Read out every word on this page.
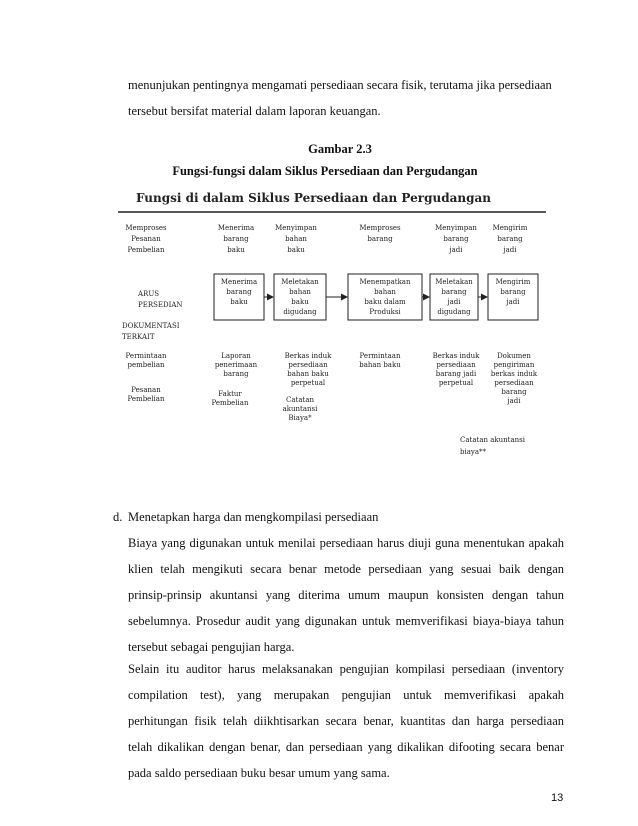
menunjukan pentingnya mengamati persediaan secara fisik, terutama jika persediaan
tersebut bersifat material dalam laporan keuangan.
Gambar 2.3
Fungsi-fungsi dalam Siklus Persediaan dan Pergudangan
Fungsi di dalam Siklus Persediaan dan Pergudangan
Memproses
Pesanan
Pembelian
Menerima
barang
baku
Menyimpan
bahan
baku
Memproses
barang
Menyimpan
barang
jadi
Mengirim
barang
jadi
ARUS
PERSEDIAN
Menerima
barang
baku
Meletakan
bahan
baku
digudang
Menempatkan
bahan
baku dalam
Produksi
Meletakan
barang
jadi
digudang
Mengirim
barang
jadi
DOKUMENTASI
TERKAIT
Permintaan
pembelian
Laporan
penerimaan
barang
Berkas induk
persediaan
bahan baku
perpetual
Permintaan
bahan baku
Berkas induk
persediaan
barang jadi
perpetual
Dokumen
pengiriman
berkas induk
persediaan
barang
jadi
Pesanan
Pembelian
Faktur
Pembelian	Catatan
akuntansi
Biaya*
Catatan akuntansi
biaya**
d. Menetapkan harga dan mengkompilasi persediaan
Biaya yang digunakan untuk menilai persediaan harus diuji guna menentukan apakah
klien telah mengikuti secara benar metode persediaan yang sesuai baik dengan
prinsip-prinsip akuntansi yang diterima umum maupun konsisten dengan tahun
sebelumnya. Prosedur audit yang digunakan untuk memverifikasi biaya-biaya tahun
tersebut sebagai pengujian harga.
Selain itu auditor harus melaksanakan pengujian kompilasi persediaan (inventory
compilation test), yang merupakan pengujian untuk memverifikasi apakah
perhitungan fisik telah diikhtisarkan secara benar, kuantitas dan harga persediaan
telah dikalikan dengan benar, dan persediaan yang dikalikan difooting secara benar
pada saldo persediaan buku besar umum yang sama.
13
